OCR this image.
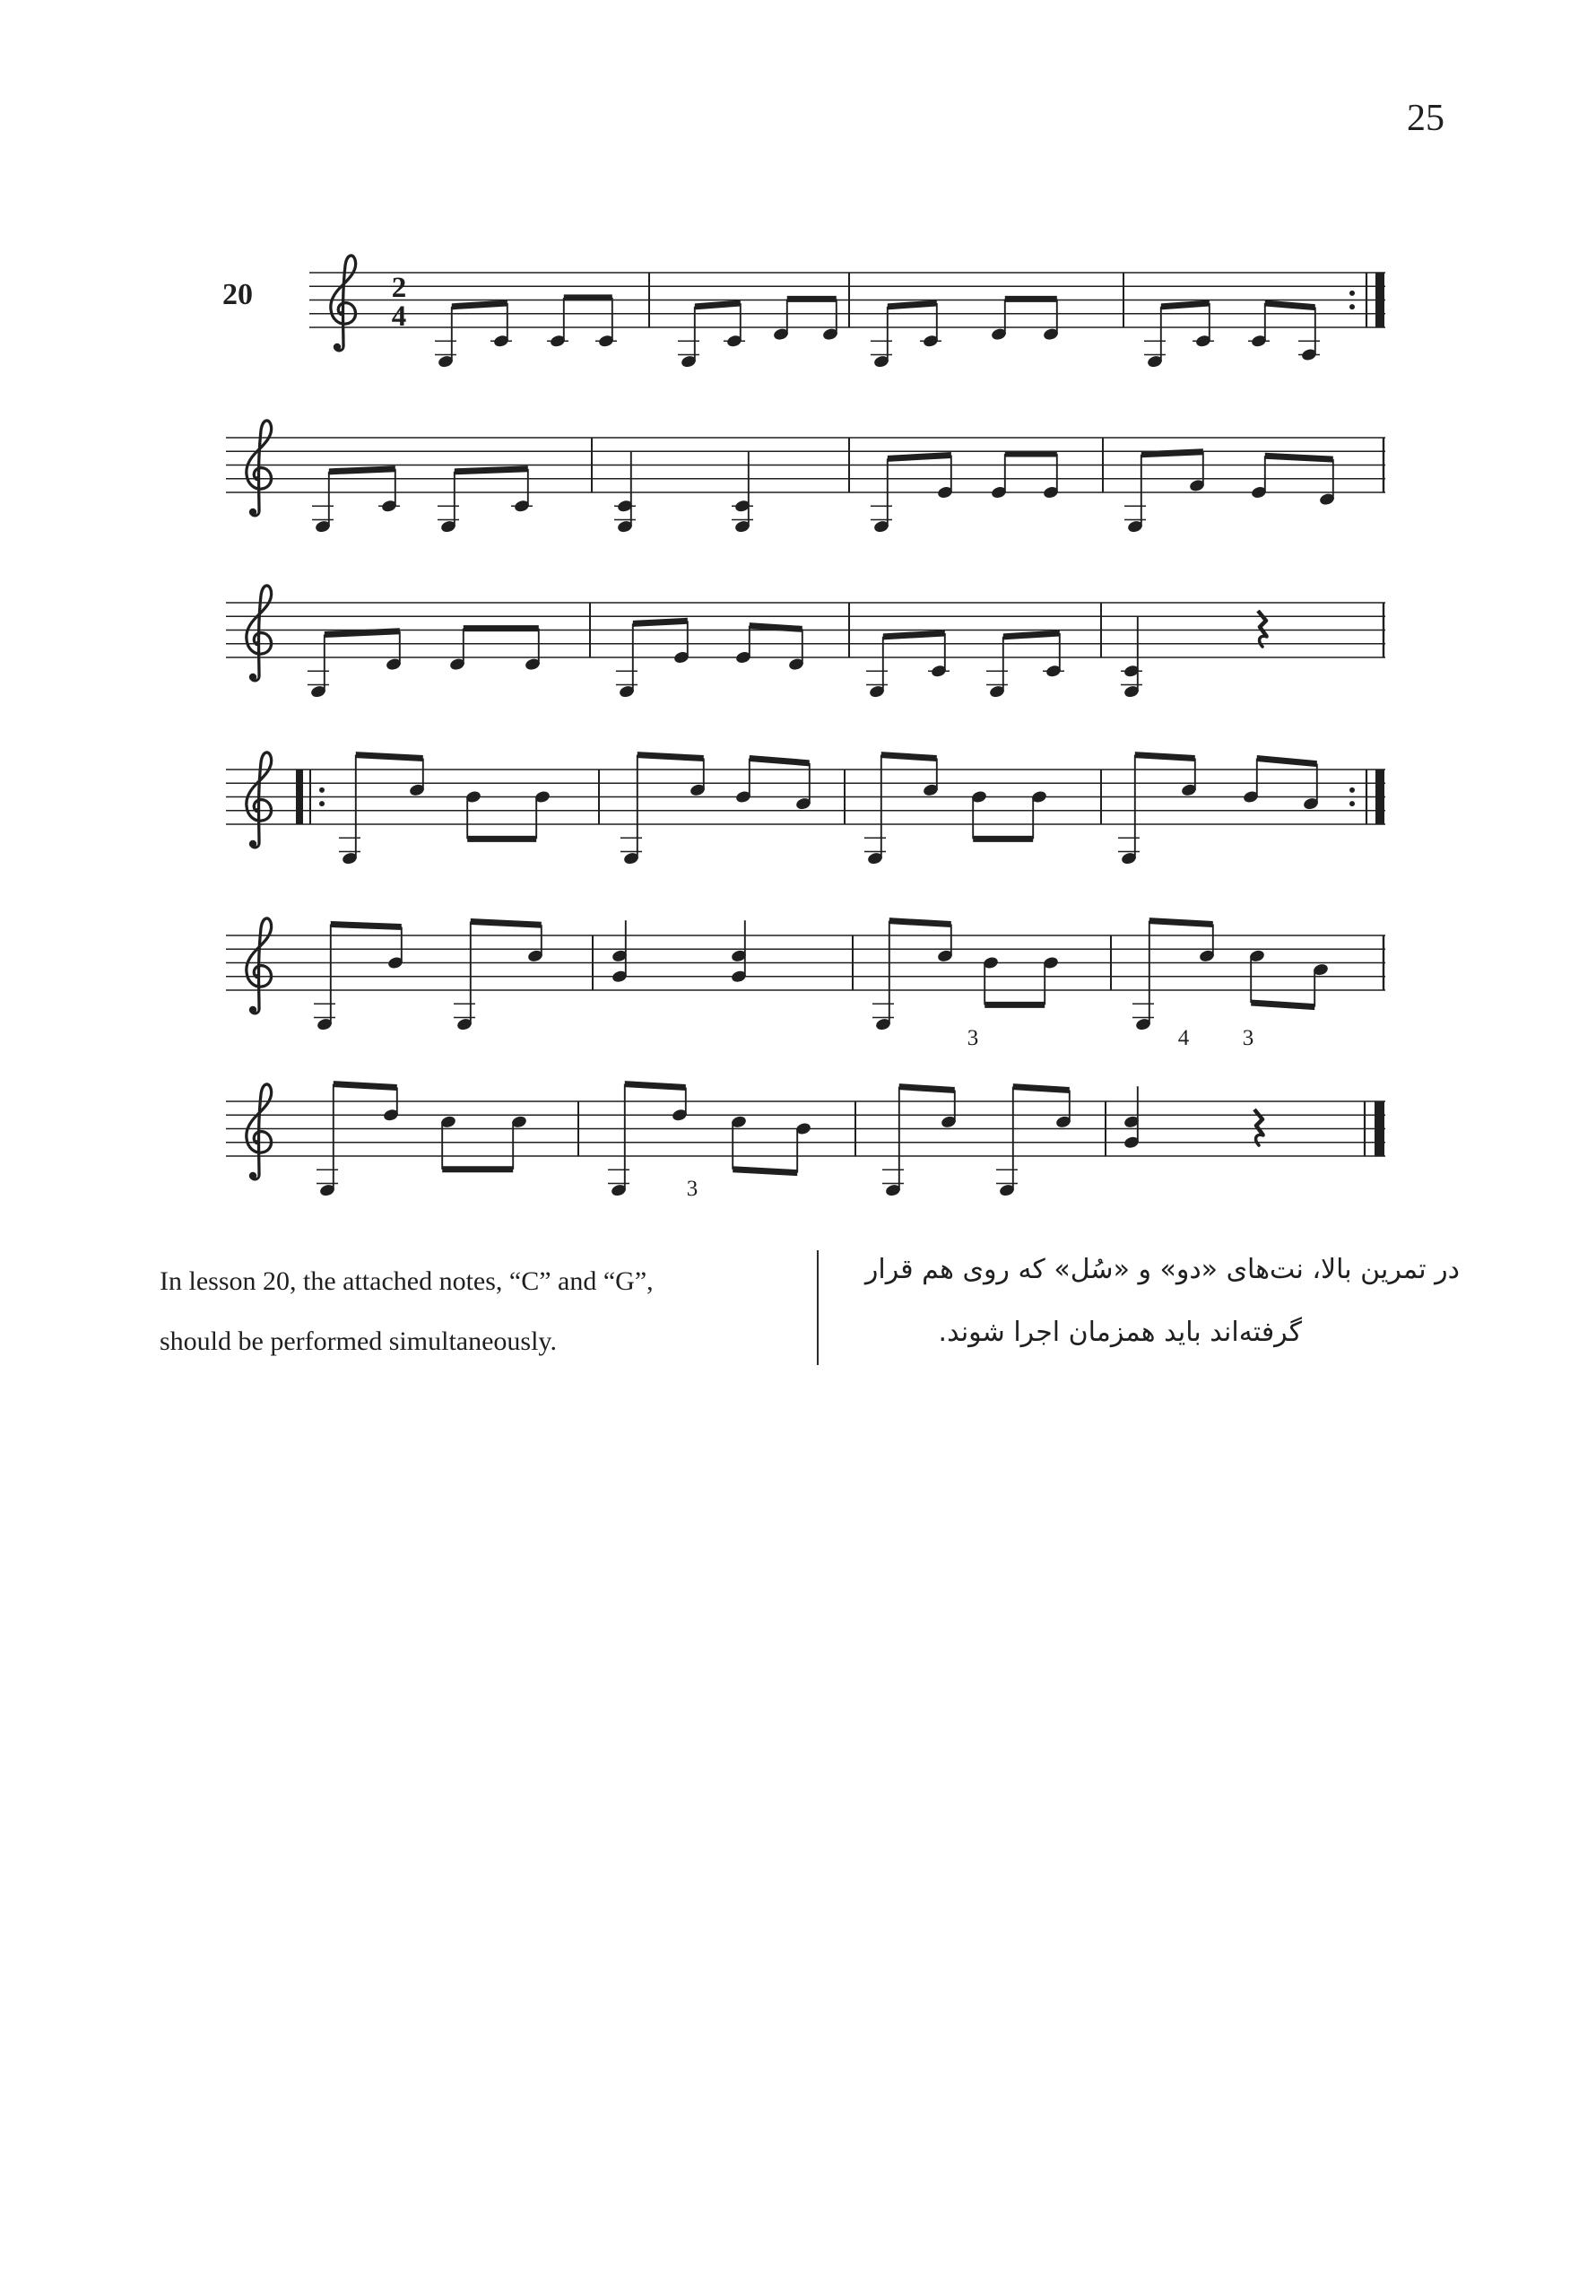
25
20	2
4
3	4 3
3
In lesson 20, the attached notes, “C” and “G”,
should be performed simultaneously.
در تمرین بالا، نت‌های «دو» و «سُل» که روی هم قرار
گرفته‌اند باید همزمان اجرا شوند.
